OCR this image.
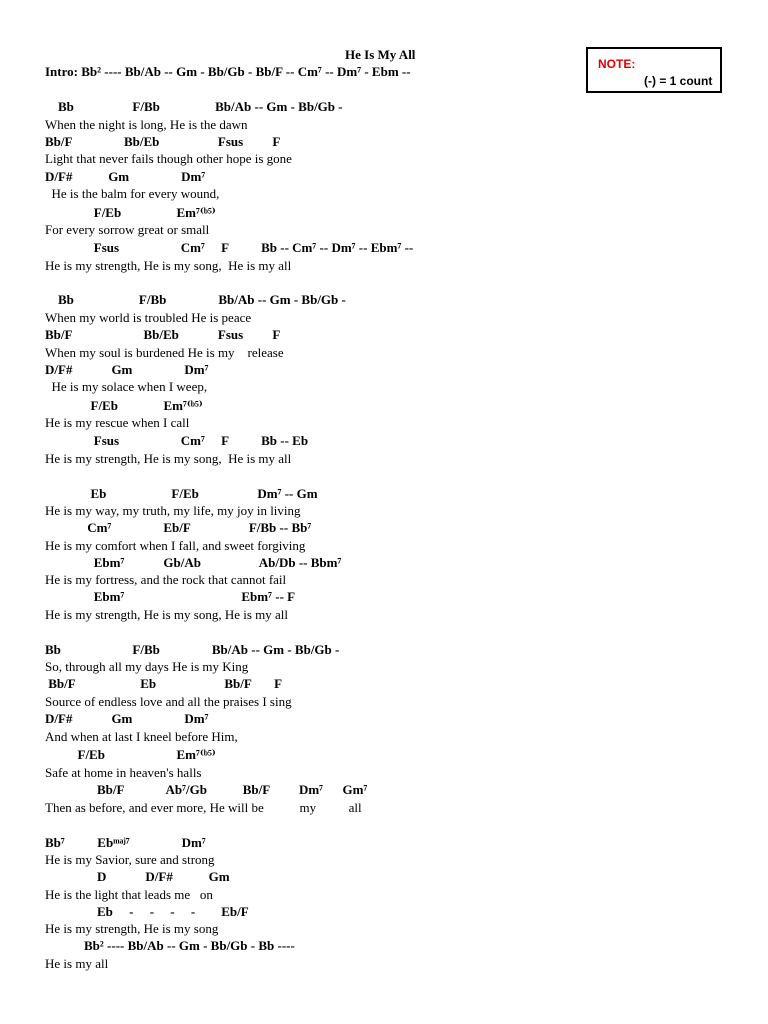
He Is My All
NOTE:
(-) = 1 count
Intro: Bb² ---- Bb/Ab -- Gm - Bb/Gb - Bb/F -- Cm⁷ -- Dm⁷ - Ebm --
Bb                  F/Bb                 Bb/Ab -- Gm - Bb/Gb -
When the night is long, He is the dawn
Bb/F                Bb/Eb                  Fsus         F
Light that never fails though other hope is gone
D/F#           Gm                Dm⁷
He is the balm for every wound,
F/Eb                 Em⁷⁽ᵇ⁵⁾
For every sorrow great or small
Fsus                   Cm⁷     F          Bb -- Cm⁷ -- Dm⁷ -- Ebm⁷ --
He is my strength, He is my song,  He is my all
Bb                    F/Bb                Bb/Ab -- Gm - Bb/Gb -
When my world is troubled He is peace
Bb/F                      Bb/Eb            Fsus         F
When my soul is burdened He is my    release
D/F#            Gm                Dm⁷
He is my solace when I weep,
F/Eb              Em⁷⁽ᵇ⁵⁾
He is my rescue when I call
Fsus                   Cm⁷     F          Bb -- Eb
He is my strength, He is my song,  He is my all
Eb                    F/Eb                  Dm⁷ -- Gm
He is my way, my truth, my life, my joy in living
Cm⁷                Eb/F                  F/Bb -- Bb⁷
He is my comfort when I fall, and sweet forgiving
Ebm⁷            Gb/Ab                  Ab/Db -- Bbm⁷
He is my fortress, and the rock that cannot fail
Ebm⁷                                    Ebm⁷ -- F
He is my strength, He is my song, He is my all
Bb                      F/Bb                Bb/Ab -- Gm - Bb/Gb -
So, through all my days He is my King
Bb/F                    Eb                     Bb/F       F
Source of endless love and all the praises I sing
D/F#            Gm                Dm⁷
And when at last I kneel before Him,
F/Eb                      Em⁷⁽ᵇ⁵⁾
Safe at home in heaven's halls
Bb/F             Ab⁷/Gb           Bb/F         Dm⁷      Gm⁷
Then as before, and ever more, He will be           my          all
Bb⁷          Ebᵐᵃʲ⁷                Dm⁷
He is my Savior, sure and strong
D            D/F#           Gm
He is the light that leads me   on
Eb     -     -     -     -        Eb/F
He is my strength, He is my song
Bb² ---- Bb/Ab -- Gm - Bb/Gb - Bb ----
He is my all
